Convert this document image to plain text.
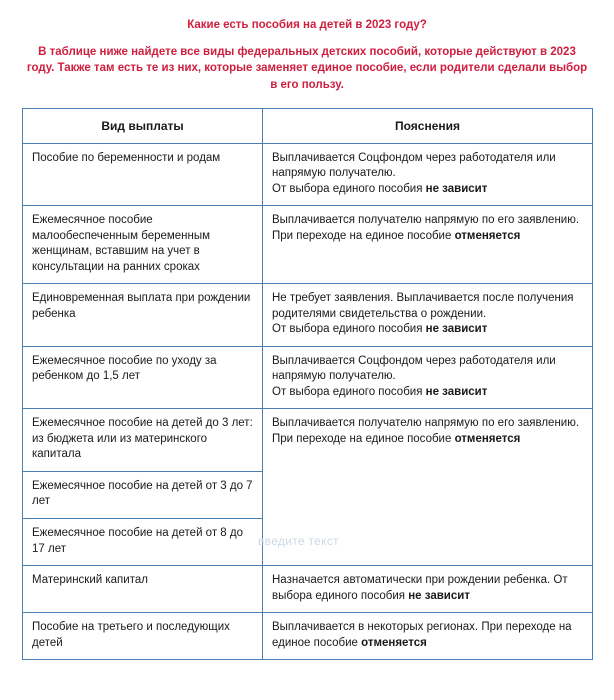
Какие есть пособия на детей в 2023 году?
В таблице ниже найдете все виды федеральных детских пособий, которые действуют в 2023 году. Также там есть те из них, которые заменяет единое пособие, если родители сделали выбор в его пользу.
Вид выплаты	Пояснения
Пособие по беременности и родам	Выплачивается Соцфондом через работодателя или напрямую получателю.
От выбора единого пособия не зависит
Ежемесячное пособие малообеспеченным беременным женщинам, вставшим на учет в консультации на ранних сроках	Выплачивается получателю напрямую по его заявлению.
При переходе на единое пособие отменяется
Единовременная выплата при рождении ребенка	Не требует заявления. Выплачивается после получения родителями свидетельства о рождении.
От выбора единого пособия не зависит
Ежемесячное пособие по уходу за ребенком до 1,5 лет	Выплачивается Соцфондом через работодателя или напрямую получателю.
От выбора единого пособия не зависит
Ежемесячное пособие на детей до 3 лет: из бюджета или из материнского капитала	Выплачивается получателю напрямую по его заявлению.
При переходе на единое пособие отменяется
Ежемесячное пособие на детей от 3 до 7 лет	
Ежемесячное пособие на детей от 8 до 17 лет	
Материнский капитал	Назначается автоматически при рождении ребенка. От выбора единого пособия не зависит
Пособие на третьего и последующих детей	Выплачивается в некоторых регионах. При переходе на единое пособие отменяется
введите текст
